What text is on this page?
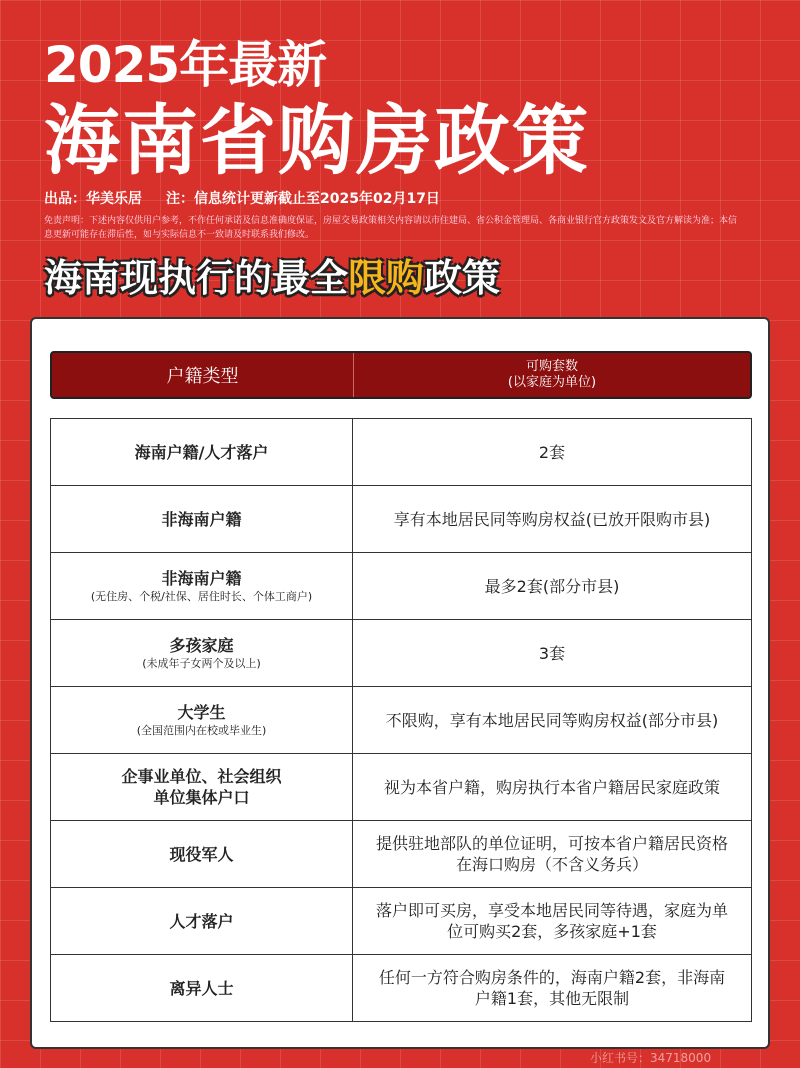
2025年最新
海南省购房政策
出品：华美乐居 注：信息统计更新截止至2025年02月17日
免责声明：下述内容仅供用户参考，不作任何承诺及信息准确度保证，房屋交易政策相关内容请以市住建局、省公积金管理局、各商业银行官方政策发文及官方解读为准；本信息更新可能存在滞后性，如与实际信息不一致请及时联系我们修改。
海南现执行的最全限购政策
户籍类型	可购套数
(以家庭为单位)
海南户籍/人才落户	2套
非海南户籍	享有本地居民同等购房权益(已放开限购市县)
非海南户籍
(无住房、个税/社保、居住时长、个体工商户)	最多2套(部分市县)
多孩家庭
(未成年子女两个及以上)	3套
大学生
(全国范围内在校或毕业生)	不限购，享有本地居民同等购房权益(部分市县)
企事业单位、社会组织单位集体户口	视为本省户籍，购房执行本省户籍居民家庭政策
现役军人	提供驻地部队的单位证明，可按本省户籍居民资格在海口购房（不含义务兵）
人才落户	落户即可买房，享受本地居民同等待遇，家庭为单位可购买2套，多孩家庭+1套
离异人士	任何一方符合购房条件的，海南户籍2套，非海南户籍1套，其他无限制
小红书号：34718000
